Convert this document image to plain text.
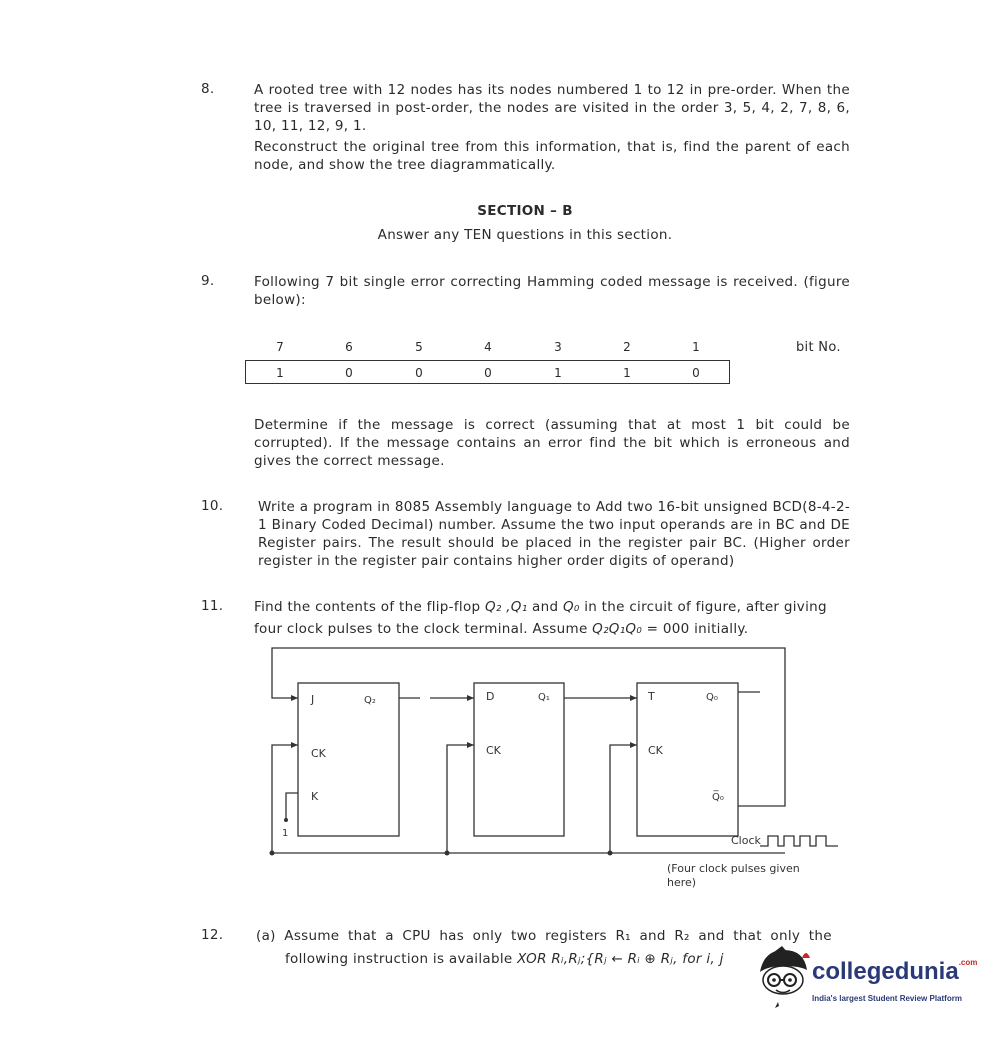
8.	A rooted tree with 12 nodes has its nodes numbered 1 to 12 in pre-order. When the tree is traversed in post-order, the nodes are visited in the order 3, 5, 4, 2, 7, 8, 6, 10, 11, 12, 9, 1.

Reconstruct the original tree from this information, that is, find the parent of each node, and show the tree diagrammatically.

SECTION – B
Answer any TEN questions in this section.
9.	Following 7 bit single error correcting Hamming coded message is received. (figure below):

7	6	5	4	3	2	1	bit No.
1	0	0	0	1	1	0

Determine if the message is correct (assuming that at most 1 bit could be corrupted). If the message contains an error find the bit which is erroneous and gives the correct message.

10.	Write a program in 8085 Assembly language to Add two 16-bit unsigned BCD(8-4-2-1 Binary Coded Decimal) number. Assume the two input operands are in BC and DE Register pairs. The result should be placed in the register pair BC. (Higher order register in the register pair contains higher order digits of operand)

11. Find the contents of the flip-flop Q₂ ,Q₁ and Q₀ in the circuit of figure, after giving
four clock pulses to the clock terminal. Assume Q₂Q₁Q₀ = 000 initially.
J	Q₂
CK
K
1
D	Q₁
CK
T	Q₀
CK
Q̅₀
Clock
(Four clock pulses given
here)
12. (a) Assume that a CPU has only two registers R₁ and R₂ and that only the
following instruction is available XOR Rᵢ,Rⱼ;{Rⱼ ← Rᵢ ⊕ Rⱼ, for i, j	collegedunia$^{.com}$
India's largest Student Review Platform
